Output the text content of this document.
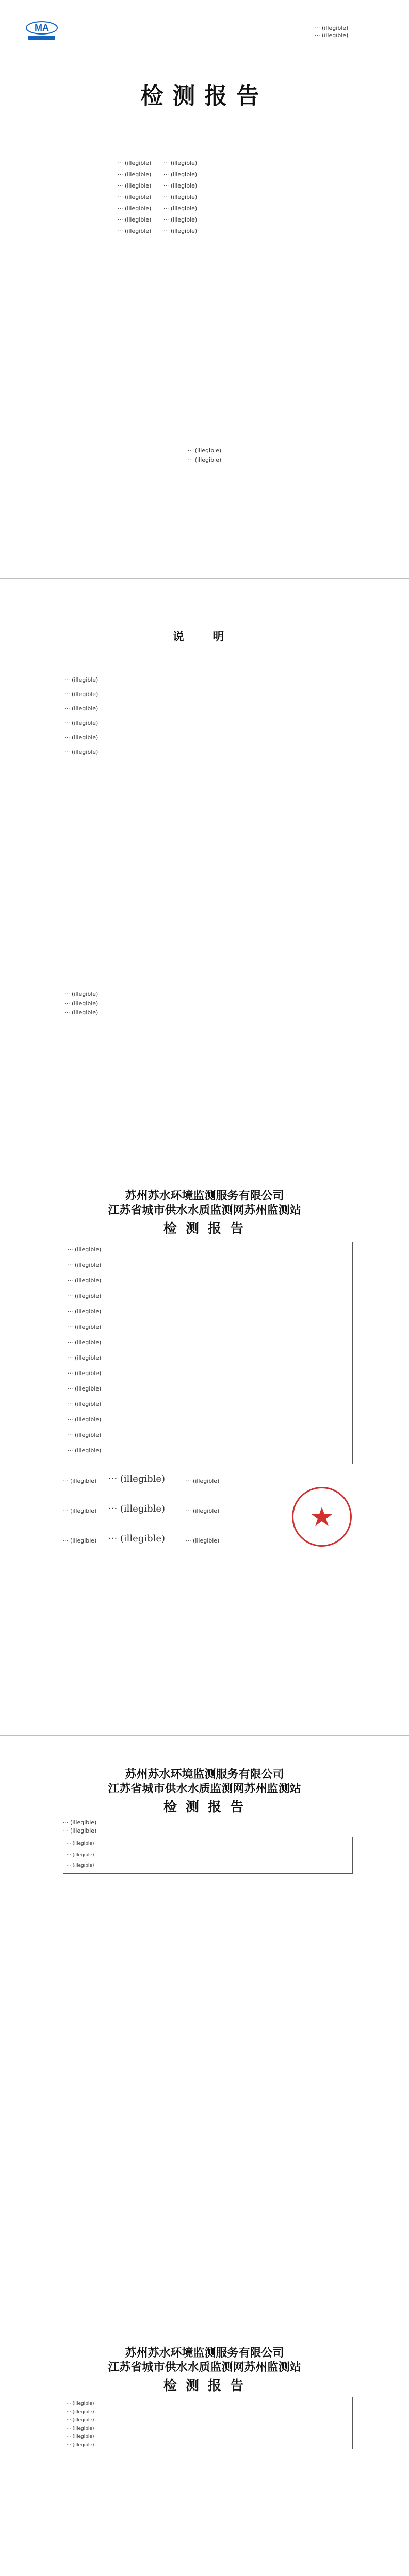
MA	··· (illegible)
··· (illegible)
检测报告
··· (illegible) ··· (illegible)
··· (illegible) ··· (illegible)
··· (illegible) ··· (illegible)
··· (illegible) ··· (illegible)
··· (illegible) ··· (illegible)
··· (illegible) ··· (illegible)
··· (illegible) ··· (illegible)
··· (illegible)
··· (illegible)
说 明
··· (illegible)
··· (illegible)
··· (illegible)
··· (illegible)
··· (illegible)
··· (illegible)
··· (illegible)
··· (illegible)
··· (illegible)
苏州苏水环境监测服务有限公司
江苏省城市供水水质监测网苏州监测站
检 测 报 告
··· (illegible)
··· (illegible)
··· (illegible)
··· (illegible)
··· (illegible)
··· (illegible)
··· (illegible)
··· (illegible)
··· (illegible)
··· (illegible)
··· (illegible)
··· (illegible)
··· (illegible)
··· (illegible)
··· (illegible) ··· (illegible)	··· (illegible)
··· (illegible) ··· (illegible)	··· (illegible)
··· (illegible) ··· (illegible)	··· (illegible)
苏州苏水环境监测服务有限公司
江苏省城市供水水质监测网苏州监测站
检 测 报 告
··· (illegible)
··· (illegible)
··· (illegible)
··· (illegible)
··· (illegible)
苏州苏水环境监测服务有限公司
江苏省城市供水水质监测网苏州监测站
检 测 报 告
··· (illegible)
··· (illegible)
··· (illegible)
··· (illegible)
··· (illegible)
··· (illegible)
